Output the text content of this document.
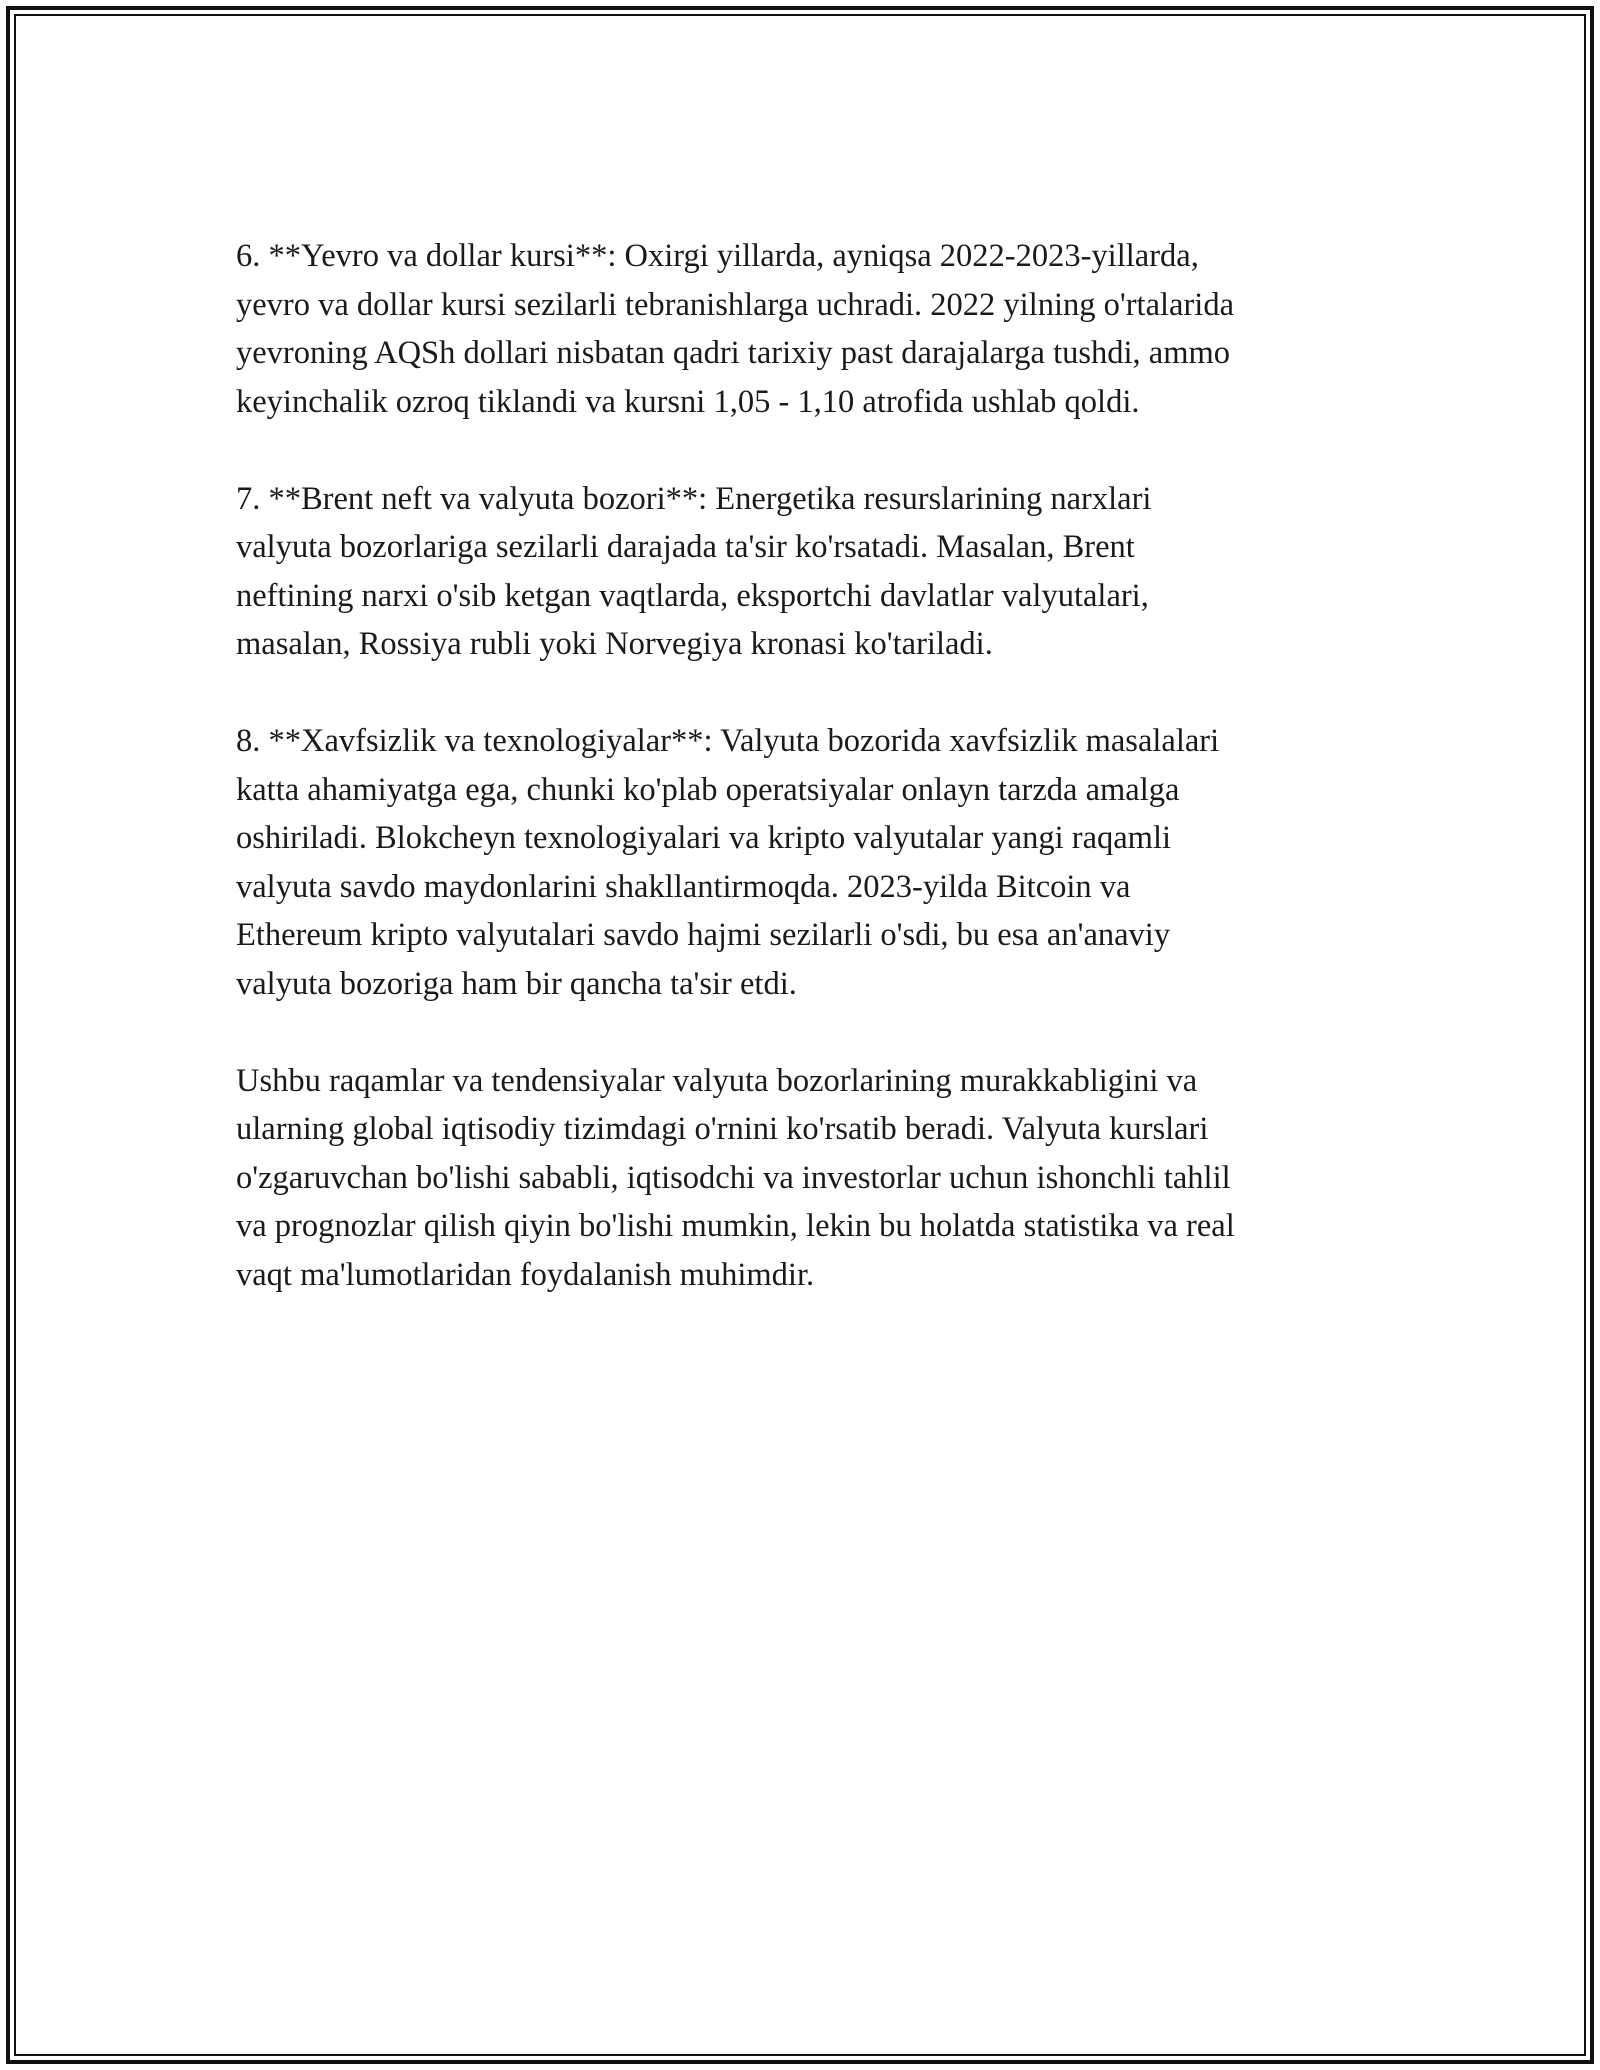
6. **Yevro va dollar kursi**: Oxirgi yillarda, ayniqsa 2022-2023-yillarda,
yevro va dollar kursi sezilarli tebranishlarga uchradi. 2022 yilning o'rtalarida
yevroning AQSh dollari nisbatan qadri tarixiy past darajalarga tushdi, ammo
keyinchalik ozroq tiklandi va kursni 1,05 - 1,10 atrofida ushlab qoldi.

7. **Brent neft va valyuta bozori**: Energetika resurslarining narxlari
valyuta bozorlariga sezilarli darajada ta'sir ko'rsatadi. Masalan, Brent
neftining narxi o'sib ketgan vaqtlarda, eksportchi davlatlar valyutalari,
masalan, Rossiya rubli yoki Norvegiya kronasi ko'tariladi.

8. **Xavfsizlik va texnologiyalar**: Valyuta bozorida xavfsizlik masalalari
katta ahamiyatga ega, chunki ko'plab operatsiyalar onlayn tarzda amalga
oshiriladi. Blokcheyn texnologiyalari va kripto valyutalar yangi raqamli
valyuta savdo maydonlarini shakllantirmoqda. 2023-yilda Bitcoin va
Ethereum kripto valyutalari savdo hajmi sezilarli o'sdi, bu esa an'anaviy
valyuta bozoriga ham bir qancha ta'sir etdi.

Ushbu raqamlar va tendensiyalar valyuta bozorlarining murakkabligini va
ularning global iqtisodiy tizimdagi o'rnini ko'rsatib beradi. Valyuta kurslari
o'zgaruvchan bo'lishi sababli, iqtisodchi va investorlar uchun ishonchli tahlil
va prognozlar qilish qiyin bo'lishi mumkin, lekin bu holatda statistika va real
vaqt ma'lumotlaridan foydalanish muhimdir.
